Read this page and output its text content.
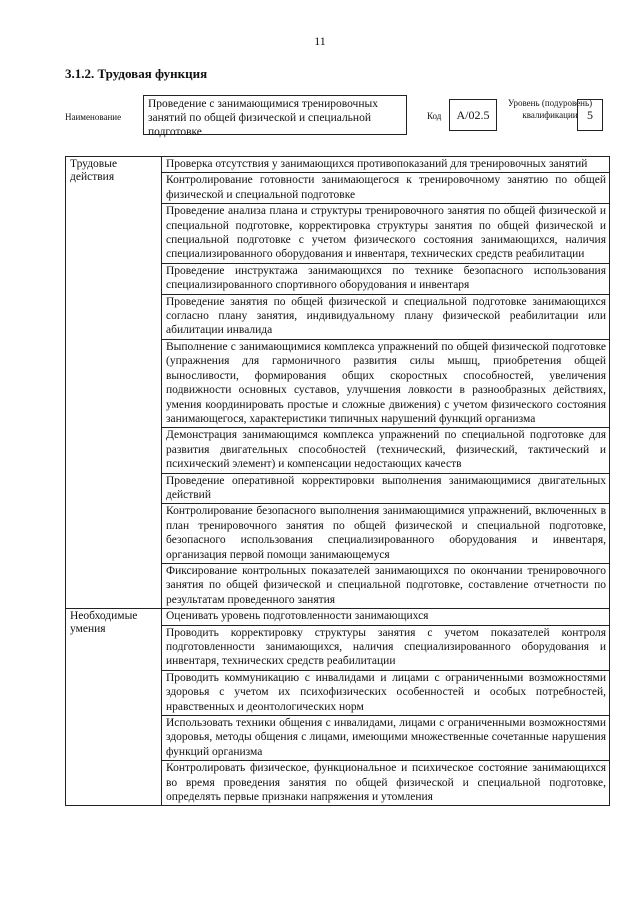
11
3.1.2. Трудовая функция
Наименование
Проведение с занимающимися тренировочных занятий по общей физической и специальной подготовке
Код	A/02.5
Уровень (подуровень) квалификации 5
Трудовые действия	Проверка отсутствия у занимающихся противопоказаний для тренировочных занятий
	Контролирование готовности занимающегося к тренировочному занятию по общей физической и специальной подготовке
	Проведение анализа плана и структуры тренировочного занятия по общей физической и специальной подготовке, корректировка структуры занятия по общей физической и специальной подготовке с учетом физического состояния занимающихся, наличия специализированного оборудования и инвентаря, технических средств реабилитации
	Проведение инструктажа занимающихся по технике безопасного использования специализированного спортивного оборудования и инвентаря
	Проведение занятия по общей физической и специальной подготовке занимающихся согласно плану занятия, индивидуальному плану физической реабилитации или абилитации инвалида
	Выполнение с занимающимися комплекса упражнений по общей физической подготовке (упражнения для гармоничного развития силы мышц, приобретения общей выносливости, формирования общих скоростных способностей, увеличения подвижности основных суставов, улучшения ловкости в разнообразных действиях, умения координировать простые и сложные движения) с учетом физического состояния занимающегося, характеристики типичных нарушений функций организма
	Демонстрация занимающимся комплекса упражнений по специальной подготовке для развития двигательных способностей (технический, физический, тактический и психический элемент) и компенсации недостающих качеств
	Проведение оперативной корректировки выполнения занимающимися двигательных действий
	Контролирование безопасного выполнения занимающимися упражнений, включенных в план тренировочного занятия по общей физической и специальной подготовке, безопасного использования специализированного оборудования и инвентаря, организация первой помощи занимающемуся
	Фиксирование контрольных показателей занимающихся по окончании тренировочного занятия по общей физической и специальной подготовке, составление отчетности по результатам проведенного занятия
Необходимые умения	Оценивать уровень подготовленности занимающихся
	Проводить корректировку структуры занятия с учетом показателей контроля подготовленности занимающихся, наличия специализированного оборудования и инвентаря, технических средств реабилитации
	Проводить коммуникацию с инвалидами и лицами с ограниченными возможностями здоровья с учетом их психофизических особенностей и особых потребностей, нравственных и деонтологических норм
	Использовать техники общения с инвалидами, лицами с ограниченными возможностями здоровья, методы общения с лицами, имеющими множественные сочетанные нарушения функций организма
	Контролировать физическое, функциональное и психическое состояние занимающихся во время проведения занятия по общей физической и специальной подготовке, определять первые признаки напряжения и утомления
